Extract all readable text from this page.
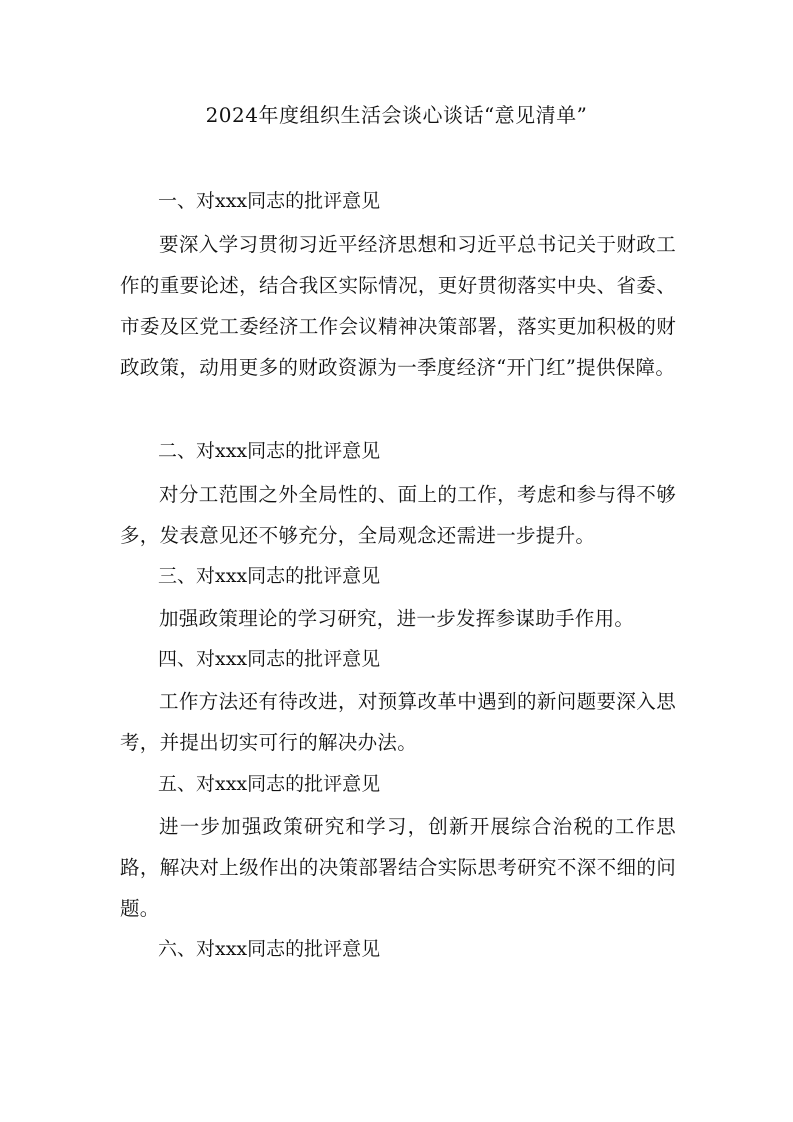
2024年度组织生活会谈心谈话“意见清单”
一、对xxx同志的批评意见
要深入学习贯彻习近平经济思想和习近平总书记关于财政工作的重要论述，结合我区实际情况，更好贯彻落实中央、省委、市委及区党工委经济工作会议精神决策部署，落实更加积极的财政政策，动用更多的财政资源为一季度经济“开门红”提供保障。
二、对xxx同志的批评意见
对分工范围之外全局性的、面上的工作，考虑和参与得不够多，发表意见还不够充分，全局观念还需进一步提升。
三、对xxx同志的批评意见
加强政策理论的学习研究，进一步发挥参谋助手作用。
四、对xxx同志的批评意见
工作方法还有待改进，对预算改革中遇到的新问题要深入思考，并提出切实可行的解决办法。
五、对xxx同志的批评意见
进一步加强政策研究和学习，创新开展综合治税的工作思路，解决对上级作出的决策部署结合实际思考研究不深不细的问题。
六、对xxx同志的批评意见
